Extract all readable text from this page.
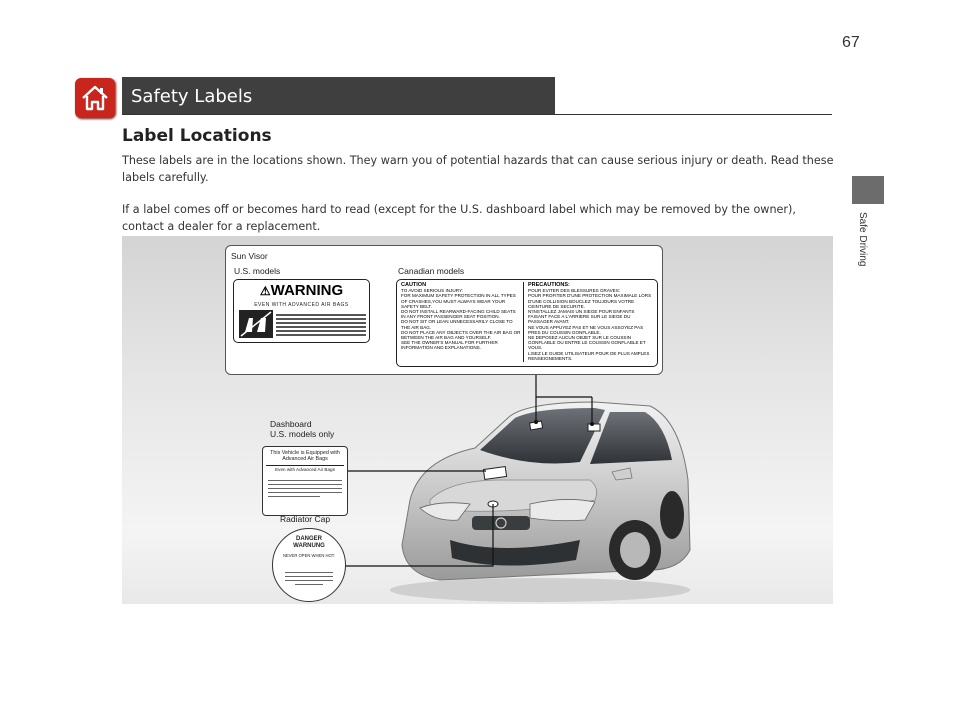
67
Safety Labels
Safe Driving
Label Locations
These labels are in the locations shown. They warn you of potential hazards that can cause serious injury or death. Read these labels carefully.
If a label comes off or becomes hard to read (except for the U.S. dashboard label which may be removed by the owner), contact a dealer for a replacement.
Sun Visor
U.S. models	Canadian models
⚠WARNING
EVEN WITH ADVANCED AIR BAGS
CAUTION
TO AVOID SERIOUS INJURY:
FOR MAXIMUM SAFETY PROTECTION IN ALL TYPES OF CRASHES,YOU MUST ALWAYS WEAR YOUR SAFETY BELT.
DO NOT INSTALL REARWARD-FACING CHILD SEATS IN ANY FRONT PASSENGER SEAT POSITION.
DO NOT SIT OR LEAN UNNECESSARILY CLOSE TO THE AIR BAG.
DO NOT PLACE ANY OBJECTS OVER THE AIR BAG OR BETWEEN THE AIR BAG AND YOURSELF.
SEE THE OWNER'S MANUAL FOR FURTHER INFORMATION AND EXPLANATIONS.
PRECAUTIONS:
POUR EVITER DES BLESSURES GRAVES:
POUR PROFITER D'UNE PROTECTION MAXIMALE LORS D'UNE COLLISION BOUCLEZ TOUJOURS VOTRE CEINTURE DE SECURITE.
N'INSTALLEZ JAMAIS UN SIEGE POUR ENFANTS FAISANT FACE A L'ARRIERE SUR LE SIEGE DU PASSAGER AVANT.
NE VOUS APPUYEZ PAS ET NE VOUS ASSOYEZ PAS PRES DU COUSSIN GONFLABLE.
NE DEPOSEZ AUCUN OBJET SUR LE COUSSIN GONFLABLE OU ENTRE LE COUSSIN GONFLABLE ET VOUS.
LISEZ LE GUIDE UTILISATEUR POUR DE PLUS AMPLES RENSEIGNEMENTS.
Dashboard
U.S. models only
This Vehicle is Equipped with
Advanced Air Bags
Even with Advanced Air Bags
Radiator Cap
DANGER
WARNUNG
NEVER OPEN WHEN HOT.
